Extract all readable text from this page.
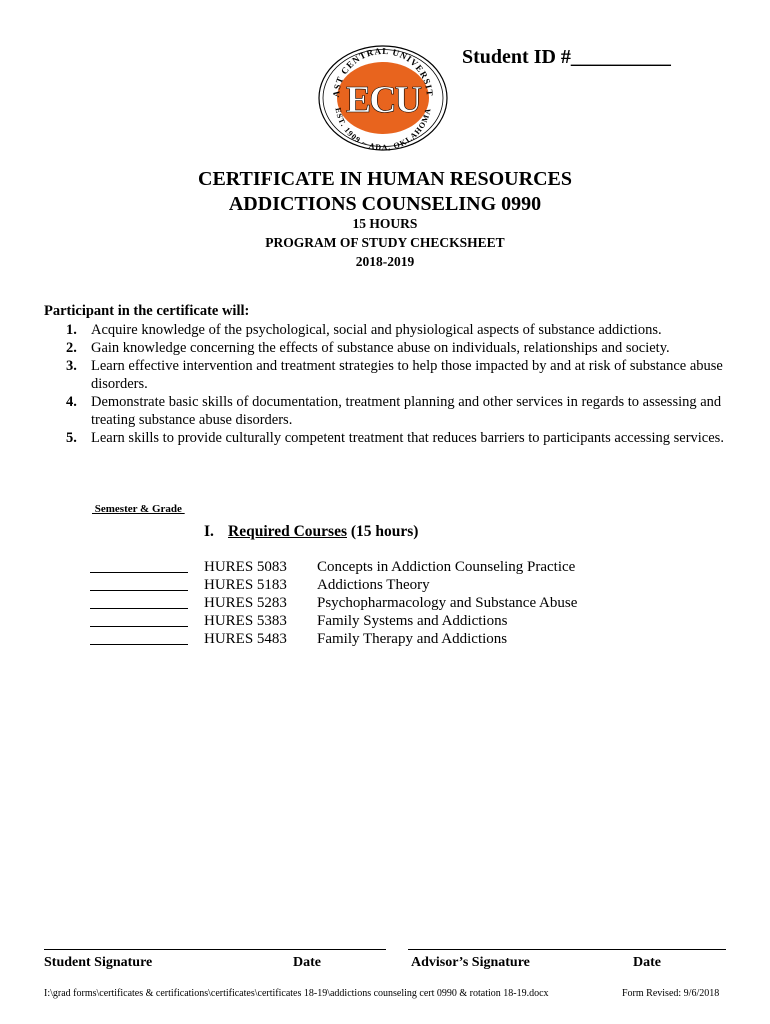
AST CENTRAL UNIVERSIT
EST. 1909 ~ ADA, OKLAHOMA
ECU
Student ID #__________
CERTIFICATE IN HUMAN RESOURCES
ADDICTIONS COUNSELING 0990
15 HOURS
PROGRAM OF STUDY CHECKSHEET
2018-2019
Participant in the certificate will:
1. Acquire knowledge of the psychological, social and physiological aspects of substance addictions.
2. Gain knowledge concerning the effects of substance abuse on individuals, relationships and society.
3. Learn effective intervention and treatment strategies to help those impacted by and at risk of substance abuse disorders.
4. Demonstrate basic skills of documentation, treatment planning and other services in regards to assessing and treating substance abuse disorders.
5. Learn skills to provide culturally competent treatment that reduces barriers to participants accessing services.
Semester & Grade
I. Required Courses (15 hours)
HURES 5083 Concepts in Addiction Counseling Practice
HURES 5183 Addictions Theory
HURES 5283 Psychopharmacology and Substance Abuse
HURES 5383 Family Systems and Addictions
HURES 5483 Family Therapy and Addictions
Student Signature	Date	Advisor’s Signature	Date
I:\grad forms\certificates & certifications\certificates\certificates 18-19\addictions counseling cert 0990 & rotation 18-19.docx	Form Revised: 9/6/2018
